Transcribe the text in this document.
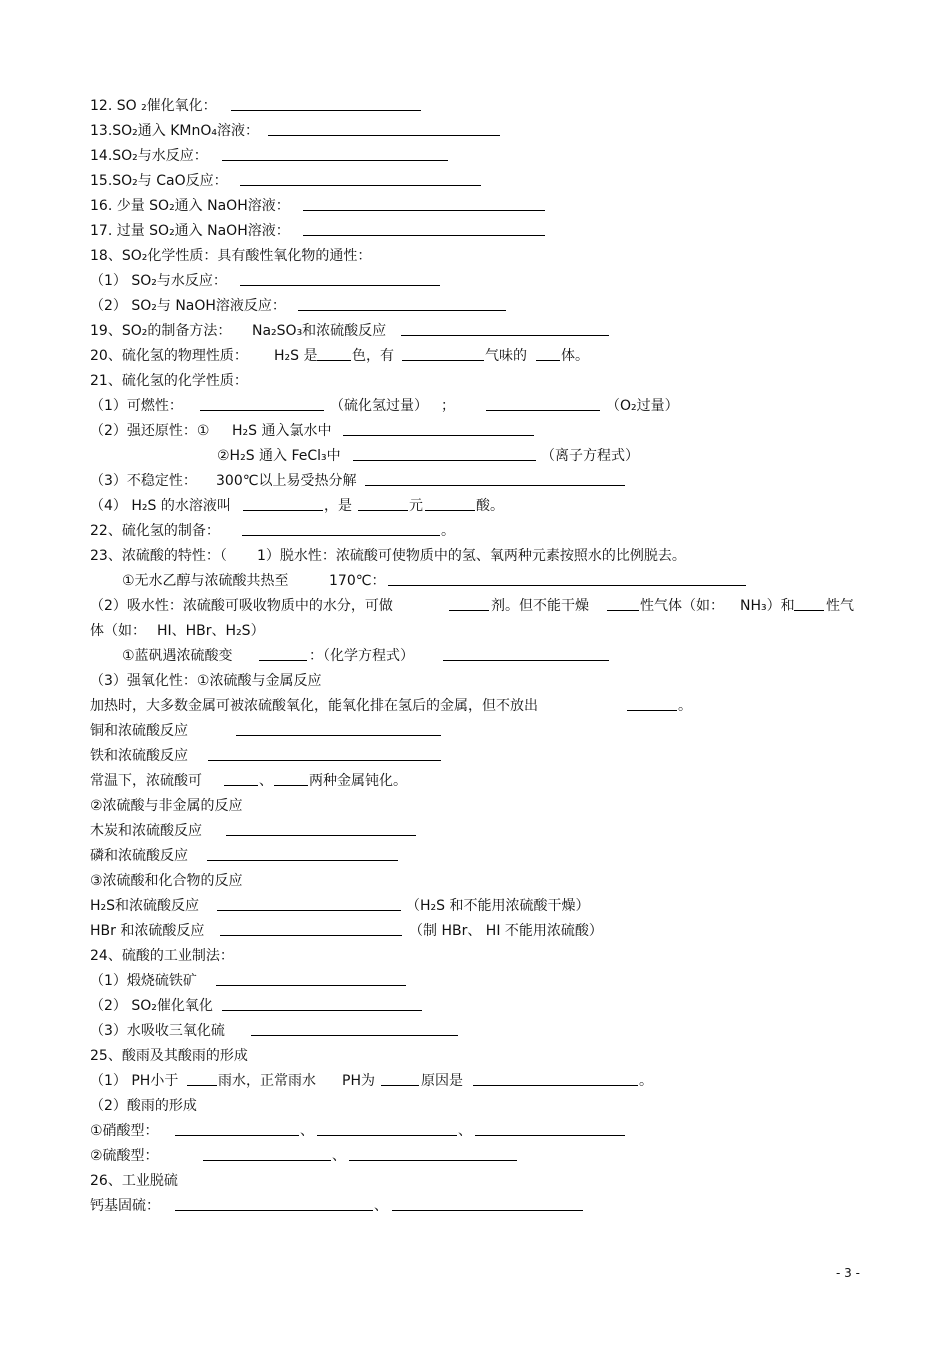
12. SO ₂催化氧化：
13.SO₂通入 KMnO₄溶液：
14.SO₂与水反应：
15.SO₂与 CaO反应：
16. 少量 SO₂通入 NaOH溶液：
17. 过量 SO₂通入 NaOH溶液：
18、SO₂化学性质：具有酸性氧化物的通性：
（1） SO₂与水反应：
（2） SO₂与 NaOH溶液反应：
19、SO₂的制备方法： Na₂SO₃和浓硫酸反应
20、硫化氢的物理性质： H₂S 是 色，有	气味的 体。
21、硫化氢的化学性质：
（1）可燃性：	（硫化氢过量） ；	（O₂过量）
（2）强还原性：① H₂S 通入氯水中
②H₂S 通入 FeCl₃中	（离子方程式）
（3）不稳定性： 300℃以上易受热分解
（4） H₂S 的水溶液叫	，是	元	酸。
22、硫化氢的制备：	。
23、浓硫酸的特性：（ 1）脱水性：浓硫酸可使物质中的氢、氧两种元素按照水的比例脱去。
①无水乙醇与浓硫酸共热至	170℃：
（2）吸水性：浓硫酸可吸收物质中的水分，可做	剂。但不能干燥	性气体（如： NH₃）和 性气
体（如： HI、HBr、H₂S）
①蓝矾遇浓硫酸变	：（化学方程式）
（3）强氧化性：①浓硫酸与金属反应
加热时，大多数金属可被浓硫酸氧化，能氧化排在氢后的金属，但不放出	。
铜和浓硫酸反应
铁和浓硫酸反应
常温下，浓硫酸可	、	两种金属钝化。
②浓硫酸与非金属的反应
木炭和浓硫酸反应
磷和浓硫酸反应
③浓硫酸和化合物的反应
H₂S和浓硫酸反应	（H₂S 和不能用浓硫酸干燥）
HBr 和浓硫酸反应	（制 HBr、 HI 不能用浓硫酸）
24、硫酸的工业制法：
（1）煅烧硫铁矿
（2） SO₂催化氧化
（3）水吸收三氧化硫
25、酸雨及其酸雨的形成
（1） PH小于	雨水，正常雨水 PH为	原因是	。
（2）酸雨的形成
①硝酸型：	、	、
②硫酸型：	、
26、工业脱硫
钙基固硫：	、
- 3 -
